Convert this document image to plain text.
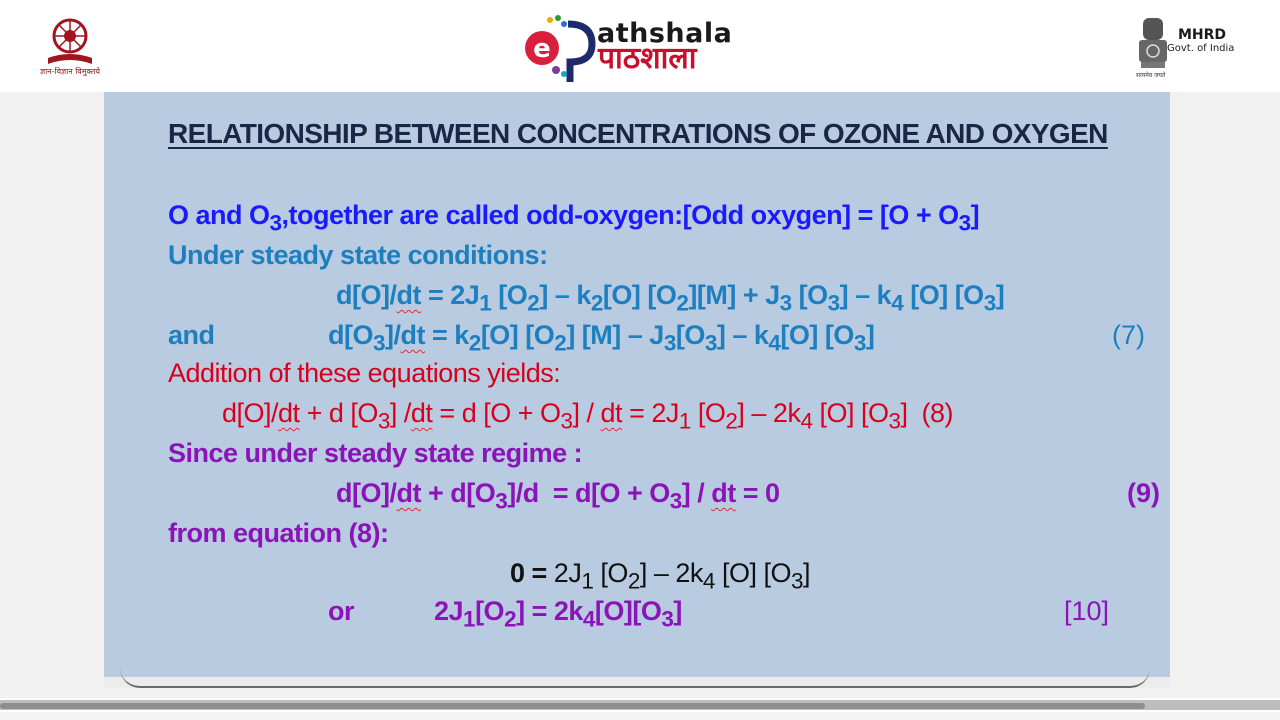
ज्ञान-विज्ञान विमुक्तये
e athshala
पाठशाला
MHRD
Govt. of India
सत्यमेव जयते
RELATIONSHIP BETWEEN CONCENTRATIONS OF OZONE AND OXYGEN
O and $O_3,together$ are called odd-oxygen:[Odd oxygen] = $[O + O_3]$
Under steady state conditions:
$d[O]/dt = 2J_1$ $[O_2] - k_2[O] [O_2][M] + J_3$ $[O_3] - k_4$ [O] $[O_3]$
and	$d[O_3]/dt = k_2[O]$ $[O_2]$ $[M] - J_3[O_3] - k_4[O]$ $[O_3]$	(7)
Addition of these equations yields:
d[O]/dt + d $[O_3] /dt = d$ $[O + O_3]$ / dt = $2J_1$ $[O_2] - 2k_4$ [O] $[O_3]$  (8)
Since under steady state regime :
$d[O]/dt + d[O_3]/d = d[O + O_3]$ / dt = 0	(9)
from equation (8):
$0 = 2J_1$ $[O_2] - 2k_4$ [O] $[O_3]$
or	$2J_1[O_2] = 2k_4[O][O_3]$	[10]
